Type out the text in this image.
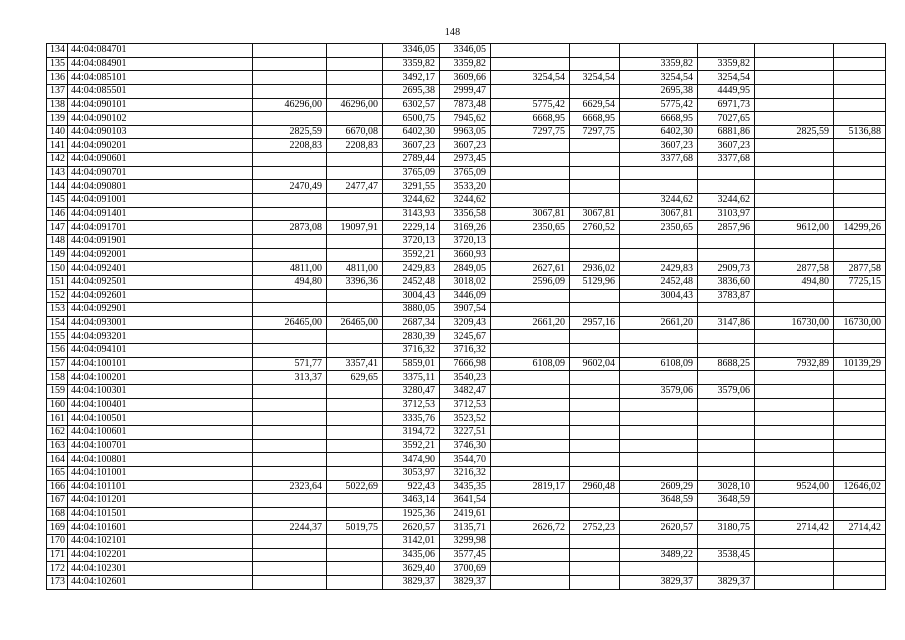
148
134	44:04:084701			3346,05	3346,05						
135	44:04:084901			3359,82	3359,82			3359,82	3359,82		
136	44:04:085101			3492,17	3609,66	3254,54	3254,54	3254,54	3254,54		
137	44:04:085501			2695,38	2999,47			2695,38	4449,95		
138	44:04:090101	46296,00	46296,00	6302,57	7873,48	5775,42	6629,54	5775,42	6971,73		
139	44:04:090102			6500,75	7945,62	6668,95	6668,95	6668,95	7027,65		
140	44:04:090103	2825,59	6670,08	6402,30	9963,05	7297,75	7297,75	6402,30	6881,86	2825,59	5136,88
141	44:04:090201	2208,83	2208,83	3607,23	3607,23			3607,23	3607,23		
142	44:04:090601			2789,44	2973,45			3377,68	3377,68		
143	44:04:090701			3765,09	3765,09						
144	44:04:090801	2470,49	2477,47	3291,55	3533,20						
145	44:04:091001			3244,62	3244,62			3244,62	3244,62		
146	44:04:091401			3143,93	3356,58	3067,81	3067,81	3067,81	3103,97		
147	44:04:091701	2873,08	19097,91	2229,14	3169,26	2350,65	2760,52	2350,65	2857,96	9612,00	14299,26
148	44:04:091901			3720,13	3720,13						
149	44:04:092001			3592,21	3660,93						
150	44:04:092401	4811,00	4811,00	2429,83	2849,05	2627,61	2936,02	2429,83	2909,73	2877,58	2877,58
151	44:04:092501	494,80	3396,36	2452,48	3018,02	2596,09	5129,96	2452,48	3836,60	494,80	7725,15
152	44:04:092601			3004,43	3446,09			3004,43	3783,87		
153	44:04:092901			3880,05	3907,54						
154	44:04:093001	26465,00	26465,00	2687,34	3209,43	2661,20	2957,16	2661,20	3147,86	16730,00	16730,00
155	44:04:093201			2830,39	3245,67						
156	44:04:094101			3716,32	3716,32						
157	44:04:100101	571,77	3357,41	5859,01	7666,98	6108,09	9602,04	6108,09	8688,25	7932,89	10139,29
158	44:04:100201	313,37	629,65	3375,11	3540,23						
159	44:04:100301			3280,47	3482,47			3579,06	3579,06		
160	44:04:100401			3712,53	3712,53						
161	44:04:100501			3335,76	3523,52						
162	44:04:100601			3194,72	3227,51						
163	44:04:100701			3592,21	3746,30						
164	44:04:100801			3474,90	3544,70						
165	44:04:101001			3053,97	3216,32						
166	44:04:101101	2323,64	5022,69	922,43	3435,35	2819,17	2960,48	2609,29	3028,10	9524,00	12646,02
167	44:04:101201			3463,14	3641,54			3648,59	3648,59		
168	44:04:101501			1925,36	2419,61						
169	44:04:101601	2244,37	5019,75	2620,57	3135,71	2626,72	2752,23	2620,57	3180,75	2714,42	2714,42
170	44:04:102101			3142,01	3299,98						
171	44:04:102201			3435,06	3577,45			3489,22	3538,45		
172	44:04:102301			3629,40	3700,69						
173	44:04:102601			3829,37	3829,37			3829,37	3829,37		
